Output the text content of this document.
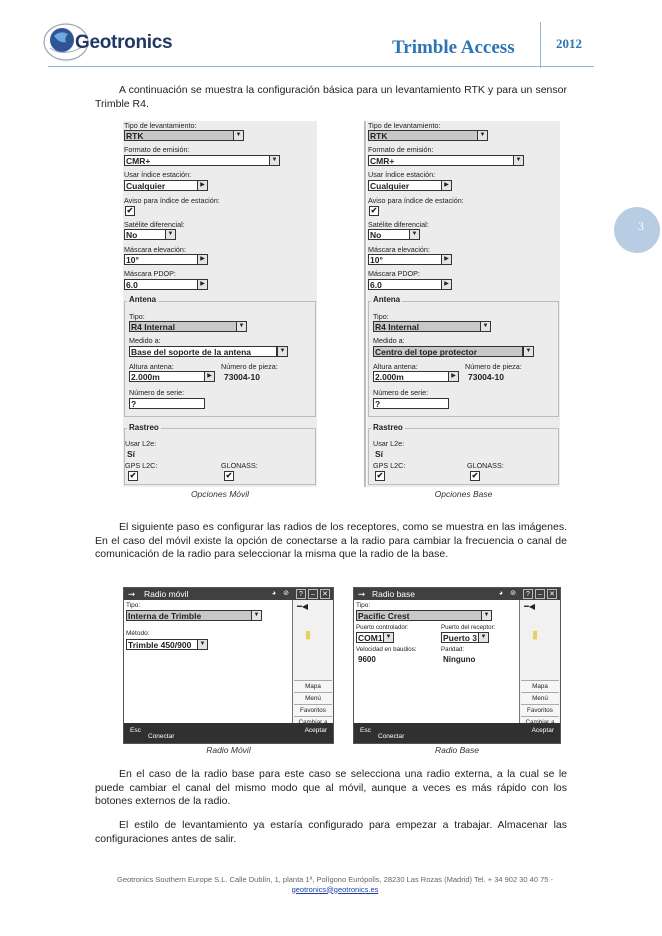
Geotronics	Trimble Access	2012
3
A continuación se muestra la configuración básica para un levantamiento RTK y para un sensor Trimble R4.
Tipo de levantamiento:
RTK	▼
Formato de emisión:
CMR+	▼
Usar índice estación:
Cualquier	▶
Aviso para índice de estación:
✔
Satélite diferencial:
No	▼
Máscara elevación:
10°	▶
Máscara PDOP:
6.0	▶
Antena
Tipo:
R4 Internal	▼
Medido a:
Base del soporte de la antena	▼
Altura antena:
2.000m	▶
Número de pieza:
73004-10
Número de serie:
?
Rastreo
Usar L2e:
Sí
GPS L2C:
✔
GLONASS:
✔
Opciones Móvil
Tipo de levantamiento:
RTK	▼
Formato de emisión:
CMR+	▼
Usar índice estación:
Cualquier	▶
Aviso para índice de estación:
✔
Satélite diferencial:
No	▼
Máscara elevación:
10°	▶
Máscara PDOP:
6.0	▶
Antena
Tipo:
R4 Internal	▼
Medido a:
Centro del tope protector	▼
Altura antena:
2.000m	▶
Número de pieza:
73004-10
Número de serie:
?
Rastreo
Usar L2e:
Sí
GPS L2C:
✔
GLONASS:
✔
Opciones Base
El siguiente paso es configurar las radios de los receptores, como se muestra en las imágenes. En el caso del móvil existe la opción de conectarse a la radio para cambiar la frecuencia o canal de comunicación de la radio para seleccionar la misma que la radio de la base.
⇝ Radio móvil	◕ ⊘	?	–	✕
Tipo:
Interna de Trimble	▼
Método:
Trimble 450/900	▼
━◀
▮
Mapa
Menú
Favoritos
Esc
Conectar
Aceptar
Radio Móvil
⇝ Radio base	◕ ⊘	?	–	✕
Tipo:
Pacific Crest	▼
Puerto controlador:
COM1 ▼
Puerto del receptor:
Puerto 3 ▼
Velocidad en baudios:
9600
Paridad:
Ninguno
━◀
▮
Mapa
Menú
Favoritos
Esc
Conectar
Aceptar
Radio Base
En el caso de la radio base para este caso se selecciona una radio externa, a la cual se le puede cambiar el canal del mismo modo que al móvil, aunque a veces es más rápido con los botones externos de la radio.
El estilo de levantamiento ya estaría configurado para empezar a trabajar. Almacenar las configuraciones antes de salir.
Geotronics Southern Europe S.L. Calle Dublín, 1, planta 1ª, Polígono Európolis, 28230 Las Rozas (Madrid) Tel. + 34 902 30 40 75 -
geotronics@geotronics.es
